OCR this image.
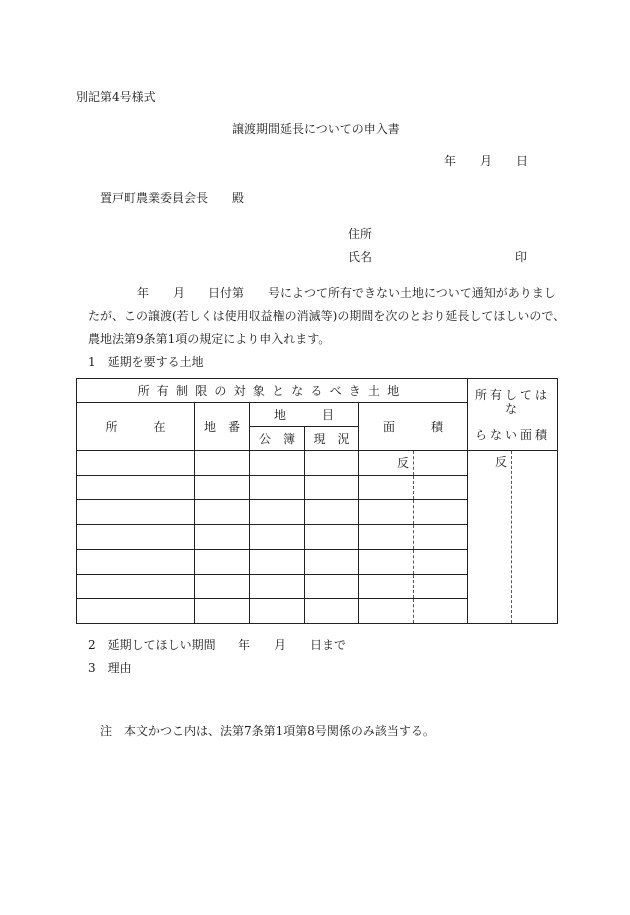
別記第4号様式
譲渡期間延長についての申入書
年 月 日
置戸町農業委員会長 殿
住所
氏名	印
年 月 日付第 号によつて所有できない土地について通知がありまし
たが、この譲渡(若しくは使用収益権の消滅等)の期間を次のとおり延長してほしいので、
農地法第9条第1項の規定により申入れます。
1　延期を要する土地
所有制限の対象となるべき土地						所有してはな
らない面積

所　　　在	地　番	地　　　目		面　　　積		
		公　簿	現　況			
				反		反

2　延期してほしい期間 年 月 日まで
3　理由
注　本文かつこ内は、法第7条第1項第8号関係のみ該当する。
